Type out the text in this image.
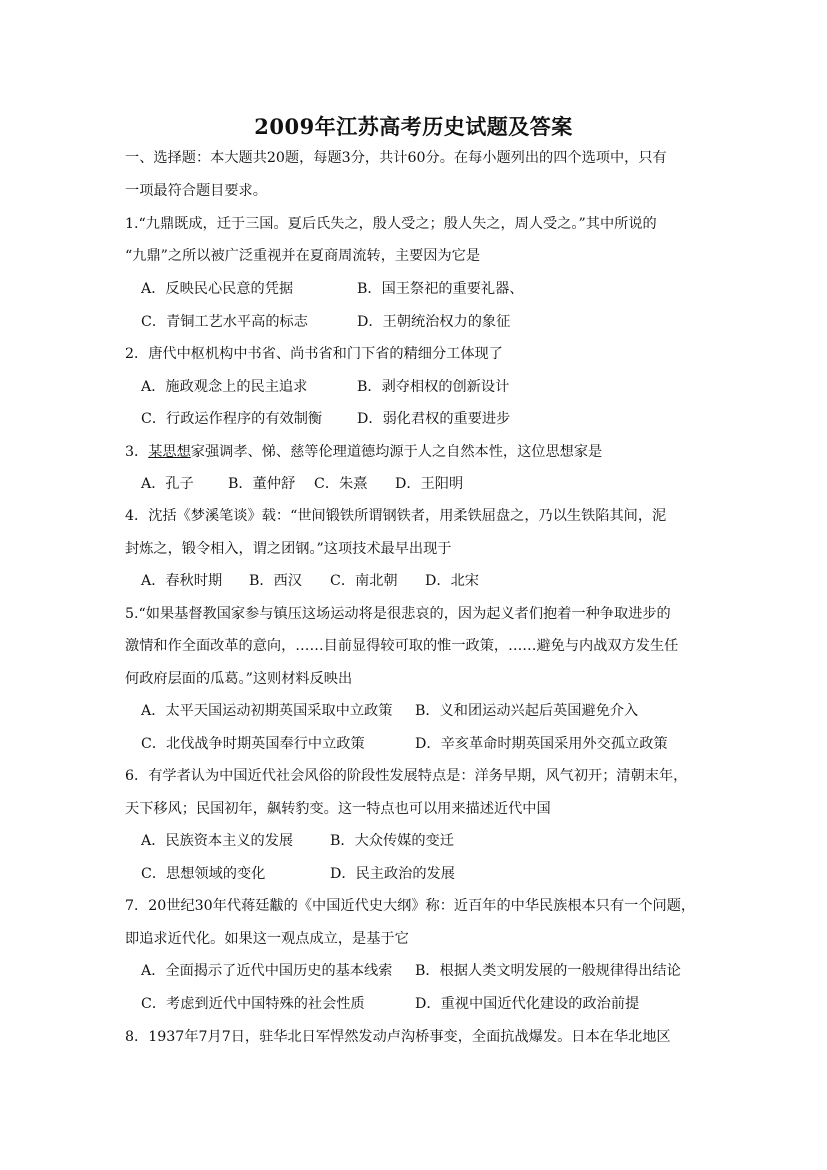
2009年江苏高考历史试题及答案
一、选择题：本大题共20题，每题3分，共计60分。在每小题列出的四个选项中，只有
一项最符合题目要求。
1.“九鼎既成，迁于三国。夏后氏失之，殷人受之；殷人失之，周人受之。”其中所说的
“九鼎”之所以被广泛重视并在夏商周流转，主要因为它是
A．反映民心民意的凭据	B．国王祭祀的重要礼器、
C．青铜工艺水平高的标志	D．王朝统治权力的象征
2．唐代中枢机构中书省、尚书省和门下省的精细分工体现了
A．施政观念上的民主追求	B．剥夺相权的创新设计
C．行政运作程序的有效制衡 D．弱化君权的重要进步
3．某思想家强调孝、悌、慈等伦理道德均源于人之自然本性，这位思想家是
A．孔子 B．董仲舒 C．朱熹 D．王阳明
4．沈括《梦溪笔谈》载：“世间锻铁所谓钢铁者，用柔铁屈盘之，乃以生铁陷其间，泥
封炼之，锻令相入，谓之团钢。”这项技术最早出现于
A．春秋时期 B．西汉 C．南北朝 D．北宋
5.“如果基督教国家参与镇压这场运动将是很悲哀的，因为起义者们抱着一种争取进步的
激情和作全面改革的意向，……目前显得较可取的惟一政策，……避免与内战双方发生任
何政府层面的瓜葛。”这则材料反映出
A．太平天国运动初期英国采取中立政策 B．义和团运动兴起后英国避免介入
C．北伐战争时期英国奉行中立政策	D．辛亥革命时期英国采用外交孤立政策
6．有学者认为中国近代社会风俗的阶段性发展特点是：洋务早期，风气初开；清朝末年，
天下移风；民国初年，飙转豹变。这一特点也可以用来描述近代中国
A．民族资本主义的发展	B．大众传媒的变迁
C．思想领域的变化	D．民主政治的发展
7．20世纪30年代蒋廷黻的《中国近代史大纲》称：近百年的中华民族根本只有一个问题，
即追求近代化。如果这一观点成立，是基于它
A．全面揭示了近代中国历史的基本线索 B．根据人类文明发展的一般规律得出结论
C．考虑到近代中国特殊的社会性质	D．重视中国近代化建设的政治前提
8．1937年7月7日，驻华北日军悍然发动卢沟桥事变，全面抗战爆发。日本在华北地区
